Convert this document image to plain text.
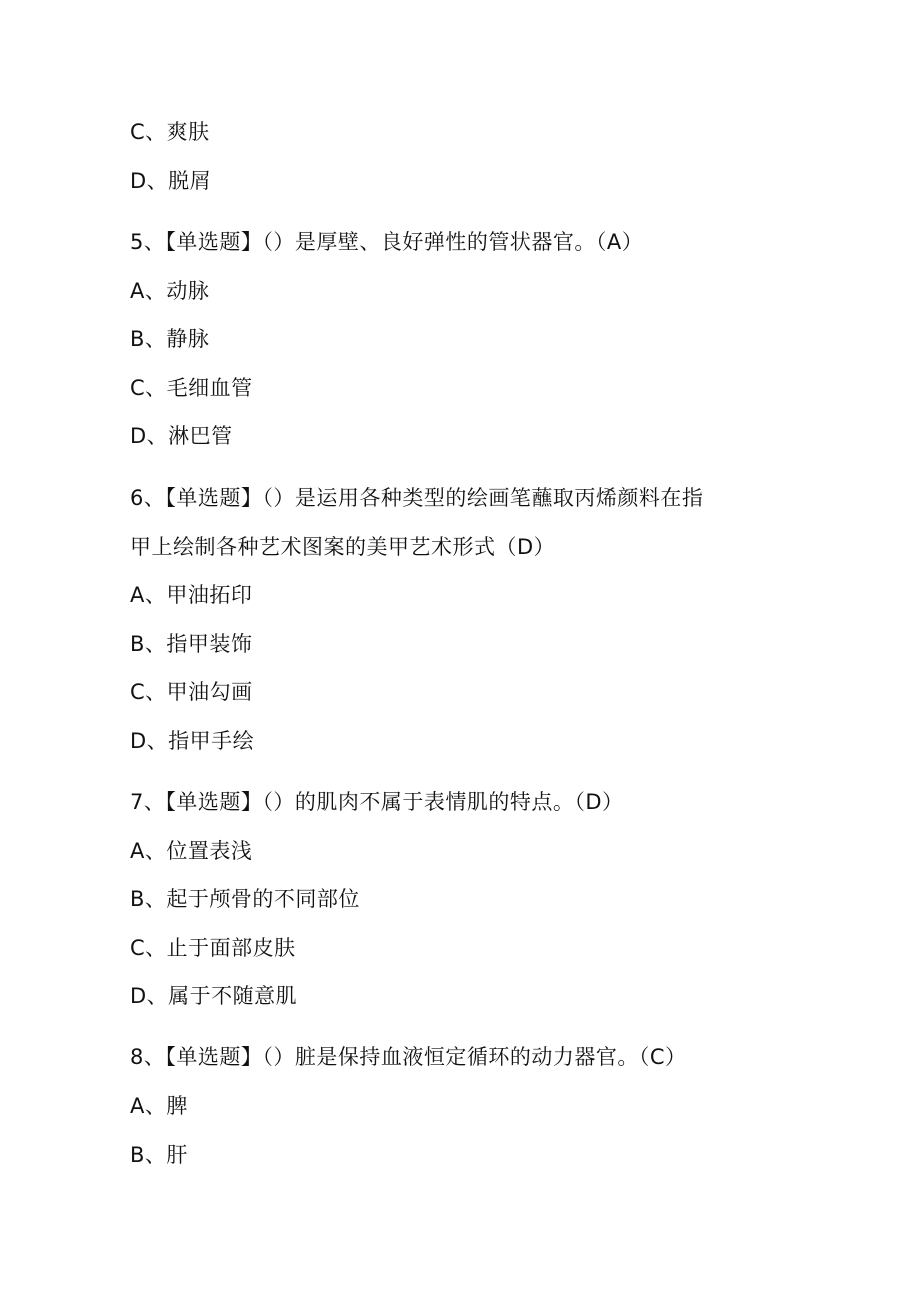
C、爽肤
D、脱屑
5、【单选题】（）是厚壁、良好弹性的管状器官。（A）
A、动脉
B、静脉
C、毛细血管
D、淋巴管
6、【单选题】（）是运用各种类型的绘画笔蘸取丙烯颜料在指
甲上绘制各种艺术图案的美甲艺术形式（D）
A、甲油拓印
B、指甲装饰
C、甲油勾画
D、指甲手绘
7、【单选题】（）的肌肉不属于表情肌的特点。（D）
A、位置表浅
B、起于颅骨的不同部位
C、止于面部皮肤
D、属于不随意肌
8、【单选题】（）脏是保持血液恒定循环的动力器官。（C）
A、脾
B、肝
